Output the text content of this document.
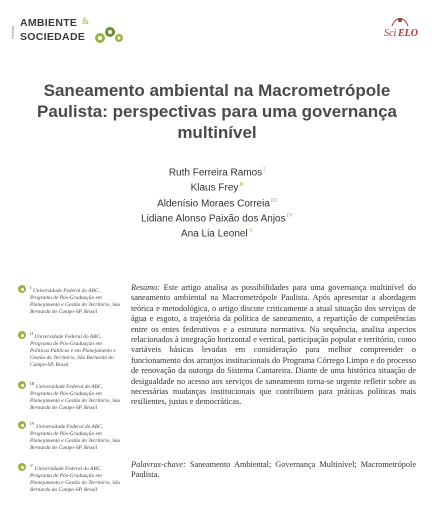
Revista
AMBIENTE &
SOCIEDADE	Sci ELO
Saneamento ambiental na Macrometrópole Paulista: perspectivas para uma governança multinível
Ruth Ferreira Ramos$^I$
Klaus Frey$^{II}$
Aldenísio Moraes Correia$^{III}$
Lidiane Alonso Paixão dos Anjos$^{IV}$
Ana Lia Leonel$^V$
$^I$ Universidade Federal do ABC, Programa de Pós-Graduação em Planejamento e Gestão do Território, São Bernardo do Campo-SP, Brasil
$^{II}$ Universidade Federal do ABC, Programa de Pós-Graduação em Políticas Públicas e em Planejamento e Gestão do Território, São Bernardo do Campo-SP, Brasil
$^{III}$ Universidade Federal do ABC, Programa de Pós-Graduação em Planejamento e Gestão do Território, São Bernardo do Campo-SP, Brasil
$^{IV}$ Universidade Federal do ABC, Programa de Pós-Graduação em Planejamento e Gestão do Território, São Bernardo do Campo-SP, Brasil
$^V$ Universidade Federal do ABC, Programa de Pós-Graduação em Planejamento e Gestão do Território, São Bernardo do Campo-SP, Brasil
Resumo: Este artigo analisa as possibilidades para uma governança multinível do saneamento ambiental na Macrometrópole Paulista. Após apresentar a abordagem teórica e metodológica, o artigo discute criticamente a atual situação dos serviços de água e esgoto, a trajetória da política de saneamento, a repartição de competências entre os entes federativos e a estrutura normativa. Na sequência, analisa aspectos relacionados à integração horizontal e vertical, participação popular e território, como variáveis básicas levadas em consideração para melhor compreender o funcionamento dos arranjos institucionais do Programa Córrego Limpo e do processo de renovação da outorga do Sistema Cantareira. Diante de uma histórica situação de desigualdade no acesso aos serviços de saneamento torna-se urgente refletir sobre as necessárias mudanças institucionais que contribuem para práticas políticas mais resilientes, justas e democráticas.
Palavras-chave: Saneamento Ambiental; Governança Multinível; Macrometrópole Paulista.
